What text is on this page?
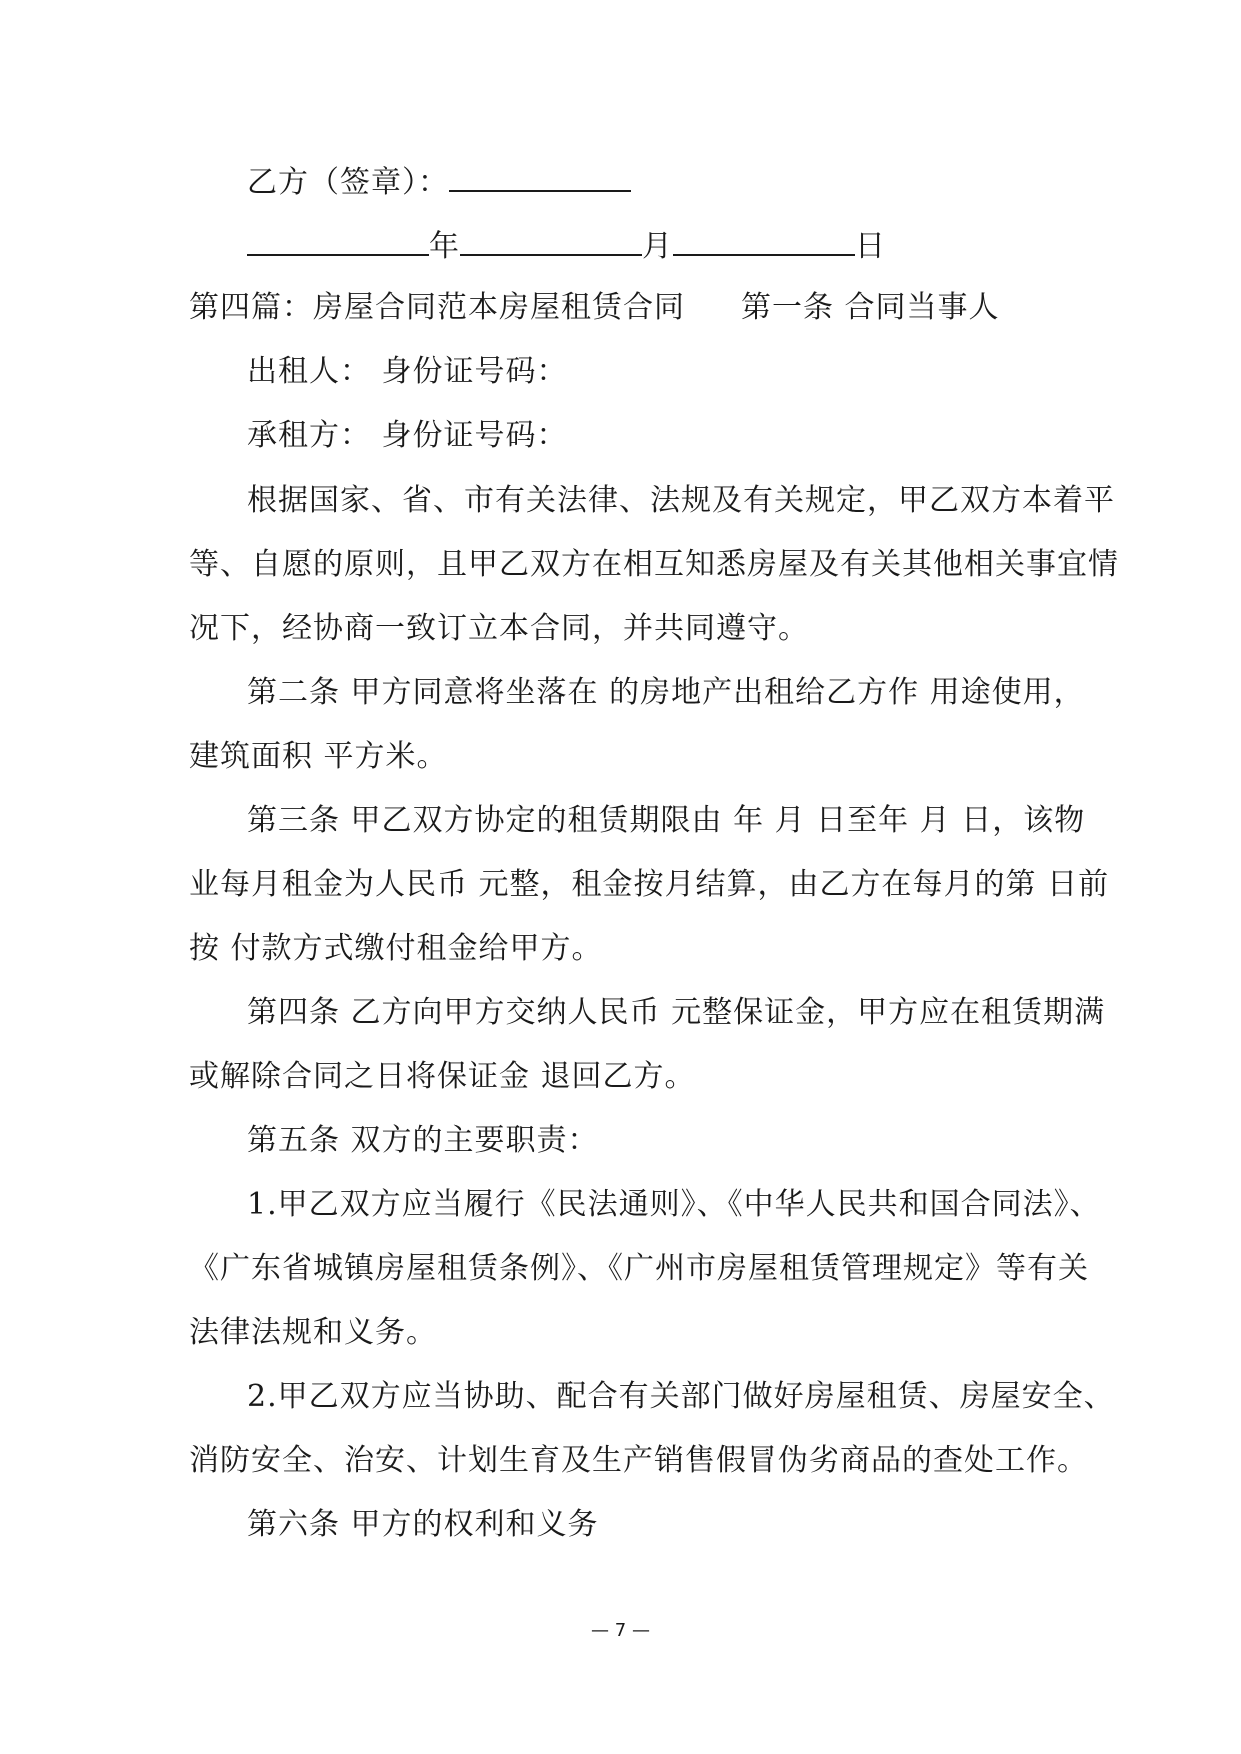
乙方（签章）：
年	月	日
第四篇：房屋合同范本房屋租赁合同 第一条 合同当事人
出租人： 身份证号码：
承租方： 身份证号码：
根据国家、省、市有关法律、法规及有关规定，甲乙双方本着平
等、自愿的原则，且甲乙双方在相互知悉房屋及有关其他相关事宜情
况下，经协商一致订立本合同，并共同遵守。
第二条 甲方同意将坐落在 的房地产出租给乙方作 用途使用，
建筑面积 平方米。
第三条 甲乙双方协定的租赁期限由 年 月 日至年 月 日，该物
业每月租金为人民币 元整，租金按月结算，由乙方在每月的第 日前
按 付款方式缴付租金给甲方。
第四条 乙方向甲方交纳人民币 元整保证金，甲方应在租赁期满
或解除合同之日将保证金 退回乙方。
第五条 双方的主要职责：
1.甲乙双方应当履行《民法通则》、《中华人民共和国合同法》、
《广东省城镇房屋租赁条例》、《广州市房屋租赁管理规定》等有关
法律法规和义务。
2.甲乙双方应当协助、配合有关部门做好房屋租赁、房屋安全、
消防安全、治安、计划生育及生产销售假冒伪劣商品的查处工作。
第六条 甲方的权利和义务
— 7 —
